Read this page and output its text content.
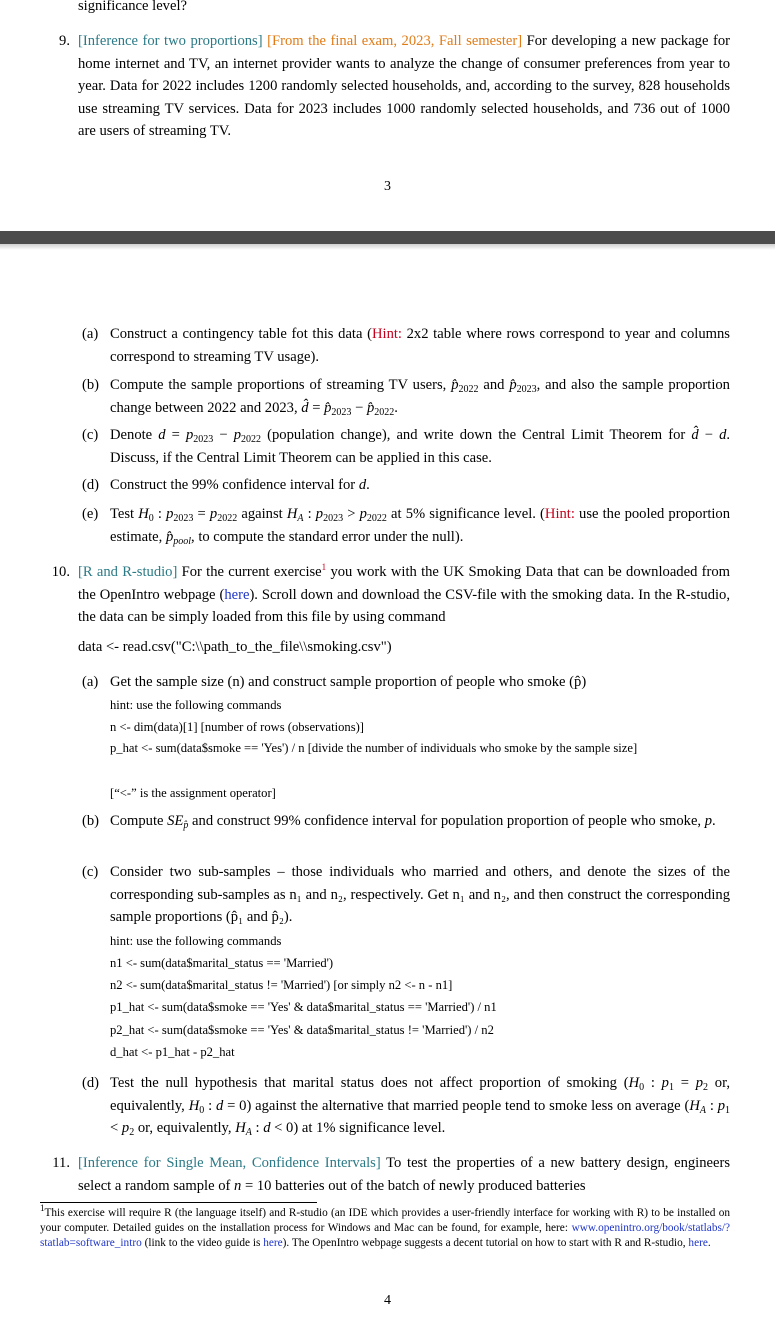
significance level?
9. [Inference for two proportions] [From the final exam, 2023, Fall semester] For developing a new package for home internet and TV, an internet provider wants to analyze the change of consumer preferences from year to year. Data for 2022 includes 1200 randomly selected households, and, according to the survey, 828 households use streaming TV services. Data for 2023 includes 1000 randomly selected households, and 736 out of 1000 are users of streaming TV.
3
(a) Construct a contingency table fot this data (Hint: 2x2 table where rows correspond to year and columns correspond to streaming TV usage).
(b) Compute the sample proportions of streaming TV users, $p̂_{2022}$ and $p̂_{2023}$, and also the sample proportion change between 2022 and 2023, d̂ = $p̂_{2023}$ − $p̂_{2022}$.
(c) Denote $d = p_{2023} - p_{2022}$ (population change), and write down the Central Limit Theorem for d̂ − d. Discuss, if the Central Limit Theorem can be applied in this case.
(d) Construct the 99% confidence interval for d.
(e) Test $H_0$ : $p_{2023} = p_{2022}$ against $H_A$ : $p_{2023} > p_{2022}$ at 5% significance level. (Hint: use the pooled proportion estimate, $p̂_{pool}$, to compute the standard error under the null).
10. [R and R-studio] For the current exercise$^1$ you work with the UK Smoking Data that can be downloaded from the OpenIntro webpage (here). Scroll down and download the CSV-file with the smoking data. In the R-studio, the data can be simply loaded from this file by using command
data <- read.csv("C:\\path_to_the_file\\smoking.csv")
(a) Get the sample size (n) and construct sample proportion of people who smoke (p̂)
hint: use the following commands
n <- dim(data)[1] [number of rows (observations)]
p_hat <- sum(data$smoke == 'Yes') / n [divide the number of individuals who smoke by the sample size]
[“<-” is the assignment operator]
(b) Compute $SE_{p̂}$ and construct 99% confidence interval for population proportion of people who smoke, p.
(c) Consider two sub-samples – those individuals who married and others, and denote the sizes of the corresponding sub-samples as n₁ and n₂, respectively. Get n₁ and n₂, and then construct the corresponding sample proportions (p̂₁ and p̂₂).
hint: use the following commands
n1 <- sum(data$marital_status == 'Married')
n2 <- sum(data$marital_status != 'Married') [or simply n2 <- n - n1]
p1_hat <- sum(data$smoke == 'Yes' & data$marital_status == 'Married') / n1
p2_hat <- sum(data$smoke == 'Yes' & data$marital_status != 'Married') / n2
d_hat <- p1_hat - p2_hat
(d) Test the null hypothesis that marital status does not affect proportion of smoking ($H_0$ : $p_1 = p_2$ or, equivalently, $H_0$ : d = 0) against the alternative that married people tend to smoke less on average ($H_A$ : $p_1 < p_2$ or, equivalently, $H_A$ : d < 0) at 1% significance level.
11. [Inference for Single Mean, Confidence Intervals] To test the properties of a new battery design, engineers select a random sample of n = 10 batteries out of the batch of newly produced batteries
$^1$This exercise will require R (the language itself) and R-studio (an IDE which provides a user-friendly interface for working with R) to be installed on your computer. Detailed guides on the installation process for Windows and Mac can be found, for example, here: www.openintro.org/book/statlabs/?statlab=software_intro (link to the video guide is here). The OpenIntro webpage suggests a decent tutorial on how to start with R and R-studio, here.
4
